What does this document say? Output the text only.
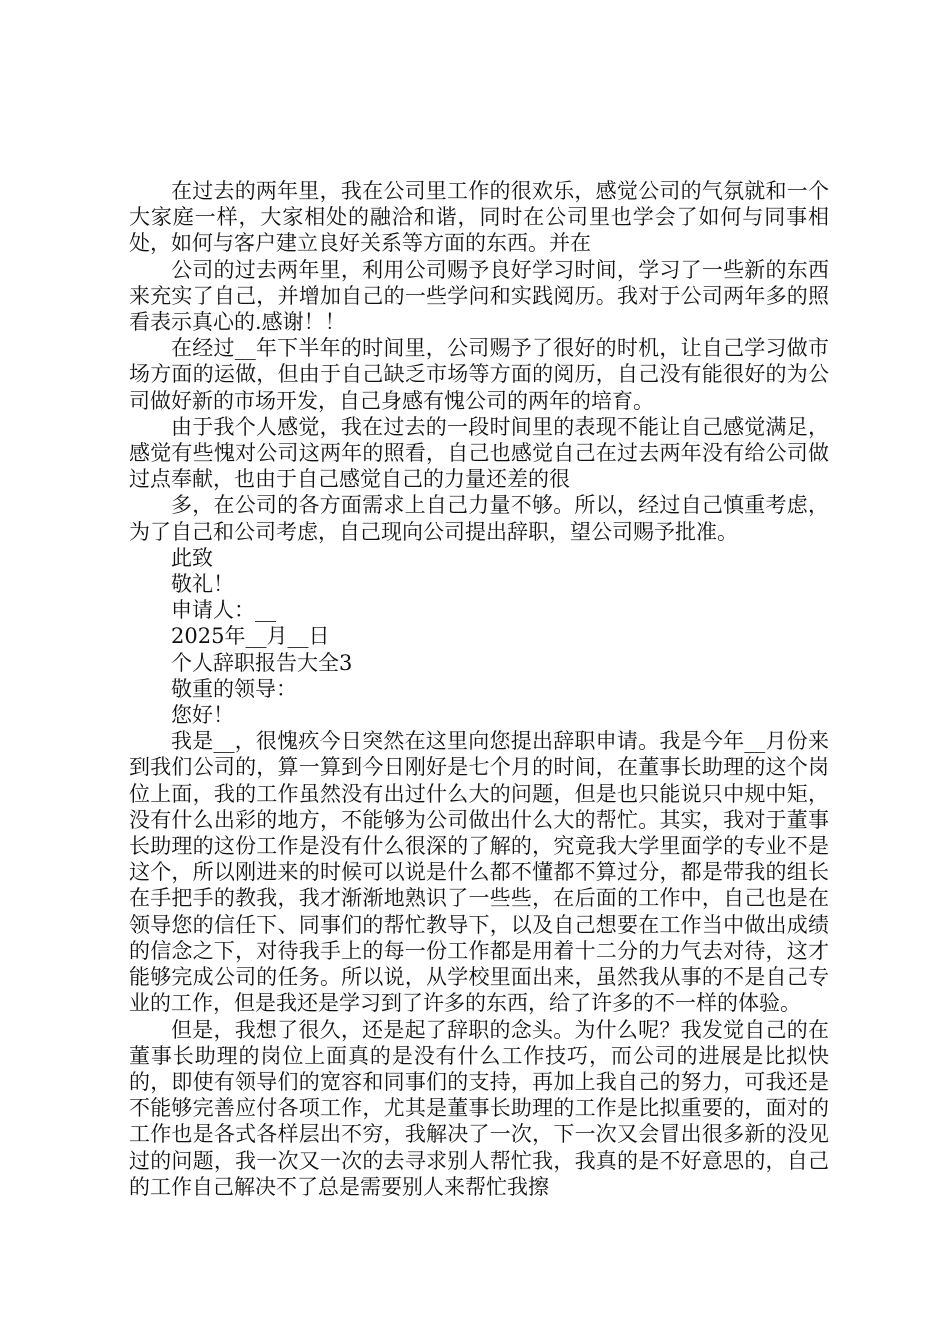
在过去的两年里，我在公司里工作的很欢乐，感觉公司的气氛就和一个大家庭一样，大家相处的融洽和谐，同时在公司里也学会了如何与同事相处，如何与客户建立良好关系等方面的东西。并在

公司的过去两年里，利用公司赐予良好学习时间，学习了一些新的东西来充实了自己，并增加自己的一些学问和实践阅历。我对于公司两年多的照看表示真心的.感谢！！

在经过__年下半年的时间里，公司赐予了很好的时机，让自己学习做市场方面的运做，但由于自己缺乏市场等方面的阅历，自己没有能很好的为公司做好新的市场开发，自己身感有愧公司的两年的培育。

由于我个人感觉，我在过去的一段时间里的表现不能让自己感觉满足，感觉有些愧对公司这两年的照看，自己也感觉自己在过去两年没有给公司做过点奉献，也由于自己感觉自己的力量还差的很

多，在公司的各方面需求上自己力量不够。所以，经过自己慎重考虑，为了自己和公司考虑，自己现向公司提出辞职，望公司赐予批准。

此致

敬礼！

申请人：__

2025年__月__日

个人辞职报告大全3

敬重的领导：

您好！

我是__，很愧疚今日突然在这里向您提出辞职申请。我是今年__月份来到我们公司的，算一算到今日刚好是七个月的时间，在董事长助理的这个岗位上面，我的工作虽然没有出过什么大的问题，但是也只能说只中规中矩，没有什么出彩的地方，不能够为公司做出什么大的帮忙。其实，我对于董事长助理的这份工作是没有什么很深的了解的，究竟我大学里面学的专业不是这个，所以刚进来的时候可以说是什么都不懂都不算过分，都是带我的组长在手把手的教我，我才渐渐地熟识了一些些，在后面的工作中，自己也是在领导您的信任下、同事们的帮忙教导下，以及自己想要在工作当中做出成绩的信念之下，对待我手上的每一份工作都是用着十二分的力气去对待，这才能够完成公司的任务。所以说，从学校里面出来，虽然我从事的不是自己专业的工作，但是我还是学习到了许多的东西，给了许多的不一样的体验。

但是，我想了很久，还是起了辞职的念头。为什么呢？我发觉自己的在董事长助理的岗位上面真的是没有什么工作技巧，而公司的进展是比拟快的，即使有领导们的宽容和同事们的支持，再加上我自己的努力，可我还是不能够完善应付各项工作，尤其是董事长助理的工作是比拟重要的，面对的工作也是各式各样层出不穷，我解决了一次，下一次又会冒出很多新的没见过的问题，我一次又一次的去寻求别人帮忙我，我真的是不好意思的，自己的工作自己解决不了总是需要别人来帮忙我擦
